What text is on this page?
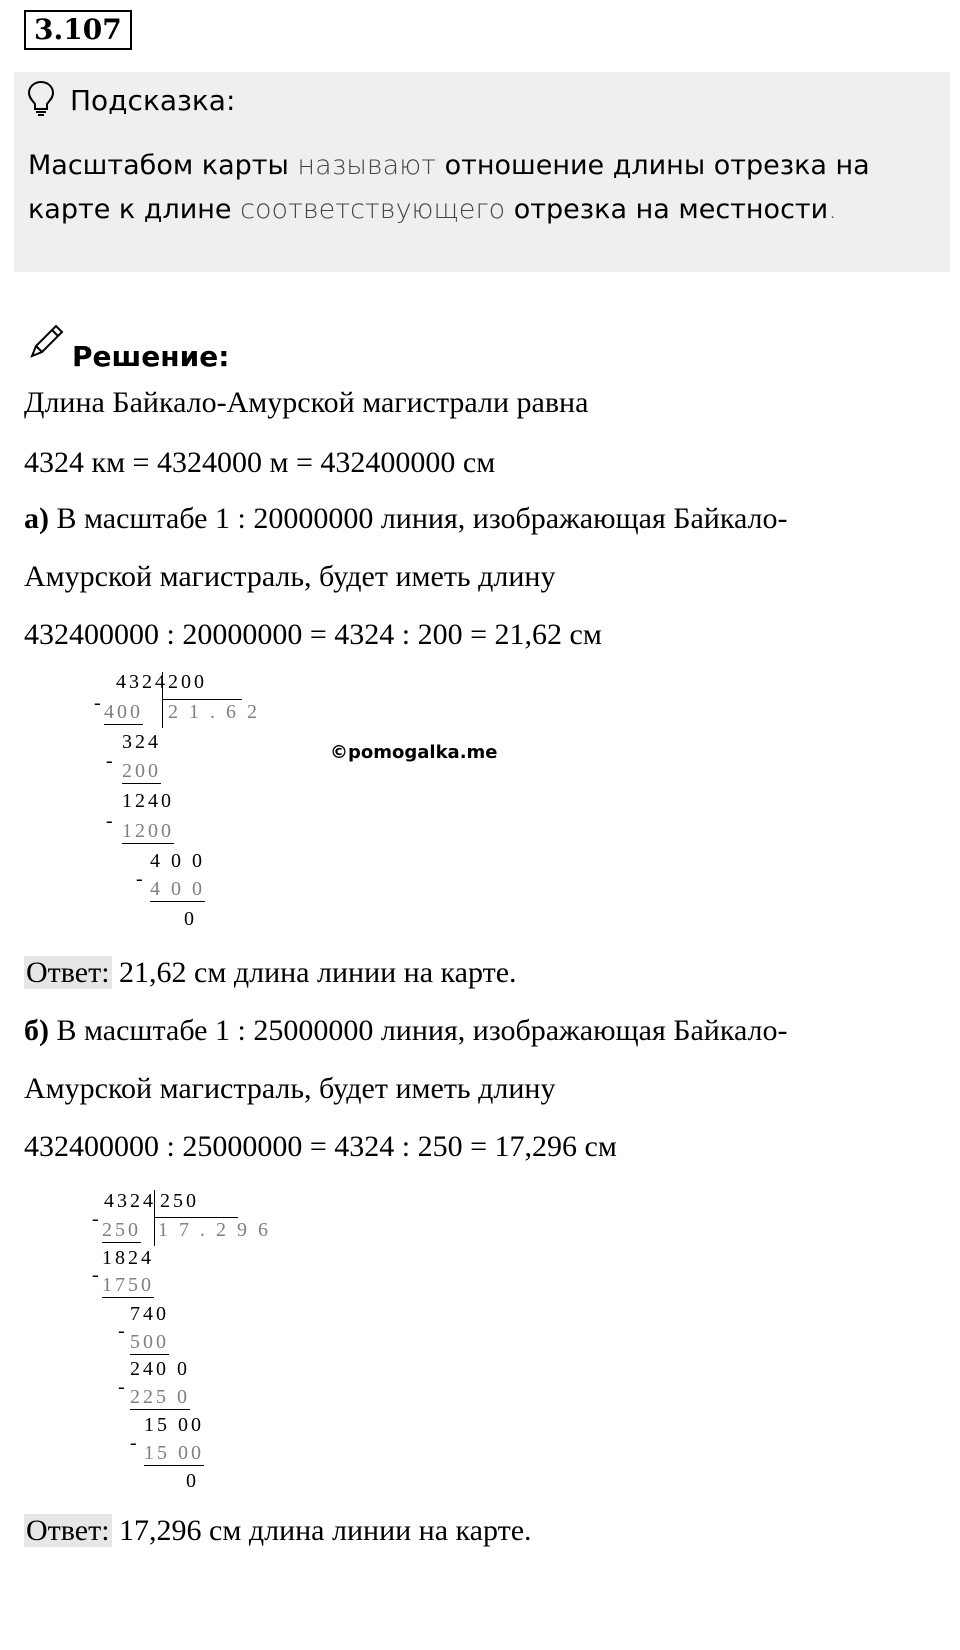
3.107
Подсказка:
Масштабом карты называют отношение длины отрезка на карте к длине соответствующего отрезка на местности.
Решение:
Длина Байкало-Амурской магистрали равна
4324 км = 4324000 м = 432400000 см
а) В масштабе 1 : 20000000 линия, изображающая Байкало-
Амурской магистраль, будет иметь длину
432400000 : 20000000 = 4324 : 200 = 21,62 см
4324 200
2 1 . 6 2
- 400
324
- 200
1240
- 1200
4 0 0
- 4 0 0
0
©pomogalka.me
Ответ: 21,62 см длина линии на карте.
б) В масштабе 1 : 25000000 линия, изображающая Байкало-
Амурской магистраль, будет иметь длину
432400000 : 25000000 = 4324 : 250 = 17,296 см
4324 250
1 7 . 2 9 6
- 250
1824
- 1750
740
- 500
240 0
- 225 0
15 00
- 15 00
0
Ответ: 17,296 см длина линии на карте.
